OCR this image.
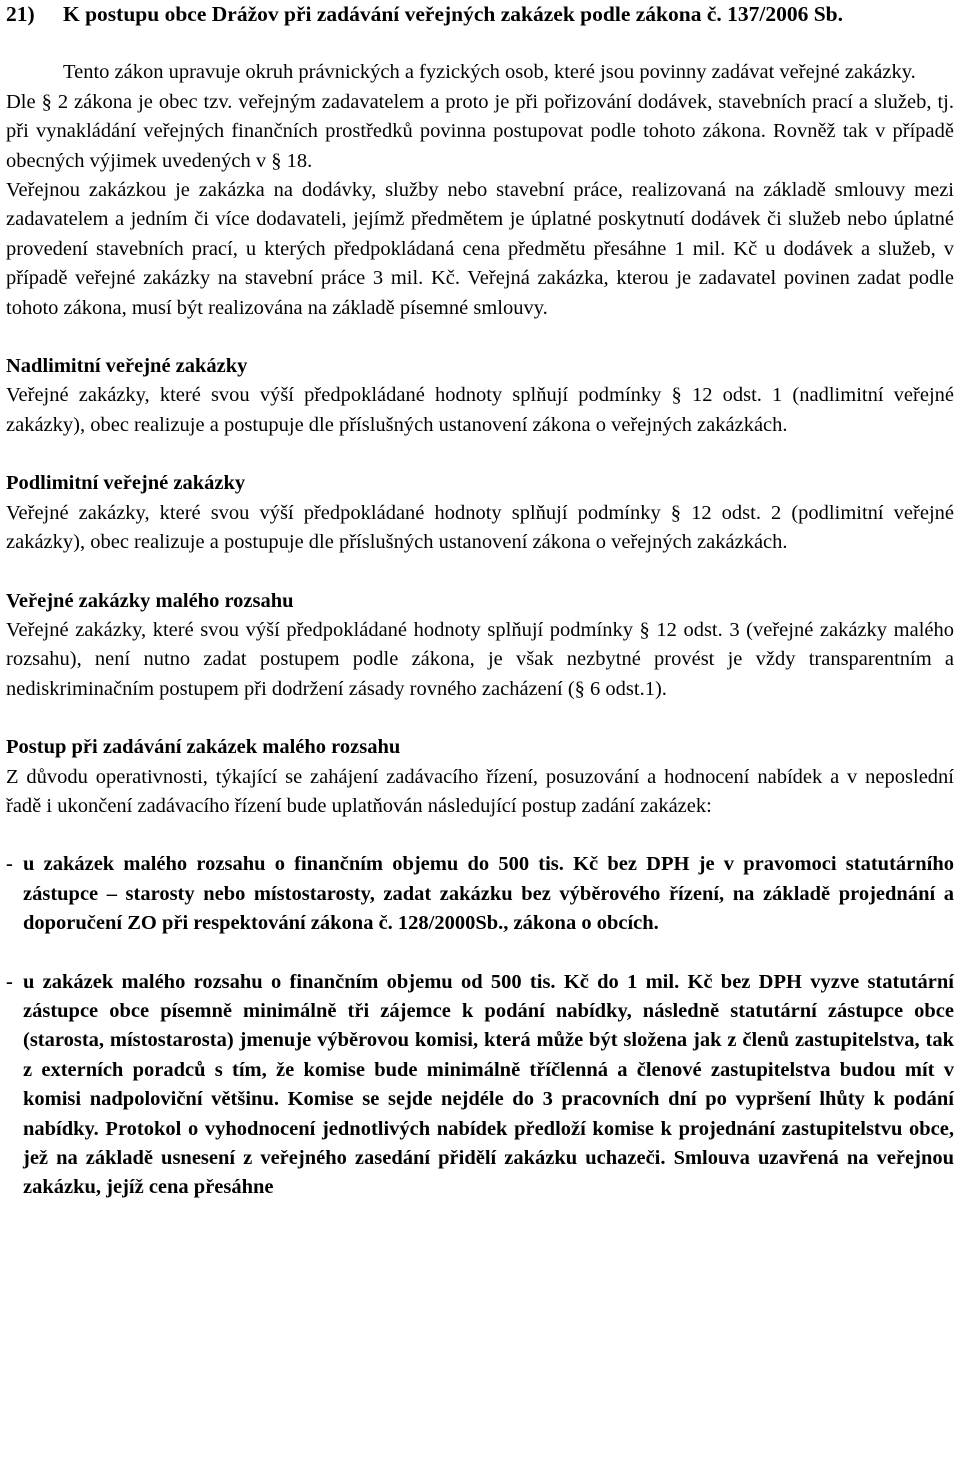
21)	K postupu obce Drážov při zadávání veřejných zakázek podle zákona č. 137/2006 Sb.
Tento zákon upravuje okruh právnických a fyzických osob, které jsou povinny zadávat veřejné zakázky.

Dle § 2 zákona je obec tzv. veřejným zadavatelem a proto je při pořizování dodávek, stavebních prací a služeb, tj. při vynakládání veřejných finančních prostředků povinna postupovat podle tohoto zákona. Rovněž tak v případě obecných výjimek uvedených v § 18.

Veřejnou zakázkou je zakázka na dodávky, služby nebo stavební práce, realizovaná na základě smlouvy mezi zadavatelem a jedním či více dodavateli, jejímž předmětem je úplatné poskytnutí dodávek či služeb nebo úplatné provedení stavebních prací, u kterých předpokládaná cena předmětu přesáhne 1 mil. Kč u dodávek a služeb, v případě veřejné zakázky na stavební práce 3 mil. Kč. Veřejná zakázka, kterou je zadavatel povinen zadat podle tohoto zákona, musí být realizována na základě písemné smlouvy.

Nadlimitní veřejné zakázky

Veřejné zakázky, které svou výší předpokládané hodnoty splňují podmínky § 12 odst. 1 (nadlimitní veřejné zakázky), obec realizuje a postupuje dle příslušných ustanovení zákona o veřejných zakázkách.

Podlimitní veřejné zakázky

Veřejné zakázky, které svou výší předpokládané hodnoty splňují podmínky § 12 odst. 2 (podlimitní veřejné zakázky), obec realizuje a postupuje dle příslušných ustanovení zákona o veřejných zakázkách.

Veřejné zakázky malého rozsahu

Veřejné zakázky, které svou výší předpokládané hodnoty splňují podmínky § 12 odst. 3 (veřejné zakázky malého rozsahu), není nutno zadat postupem podle zákona, je však nezbytné provést je vždy transparentním a nediskriminačním postupem při dodržení zásady rovného zacházení (§ 6 odst.1).

Postup při zadávání zakázek malého rozsahu

Z důvodu operativnosti, týkající se zahájení zadávacího řízení, posuzování a hodnocení nabídek a v neposlední řadě i ukončení zadávacího řízení bude uplatňován následující postup zadání zakázek:

- u zakázek malého rozsahu o finančním objemu do 500 tis. Kč bez DPH je v pravomoci statutárního zástupce – starosty nebo místostarosty, zadat zakázku bez výběrového řízení, na základě projednání a doporučení ZO při respektování zákona č. 128/2000Sb., zákona o obcích.
- u zakázek malého rozsahu o finančním objemu od 500 tis. Kč do 1 mil. Kč bez DPH vyzve statutární zástupce obce písemně minimálně tři zájemce k podání nabídky, následně statutární zástupce obce (starosta, místostarosta) jmenuje výběrovou komisi, která může být složena jak z členů zastupitelstva, tak z externích poradců s tím, že komise bude minimálně tříčlenná a členové zastupitelstva budou mít v komisi nadpoloviční většinu. Komise se sejde nejdéle do 3 pracovních dní po vypršení lhůty k podání nabídky. Protokol o vyhodnocení jednotlivých nabídek předloží komise k projednání zastupitelstvu obce, jež na základě usnesení z veřejného zasedání přidělí zakázku uchazeči. Smlouva uzavřená na veřejnou zakázku, jejíž cena přesáhne
